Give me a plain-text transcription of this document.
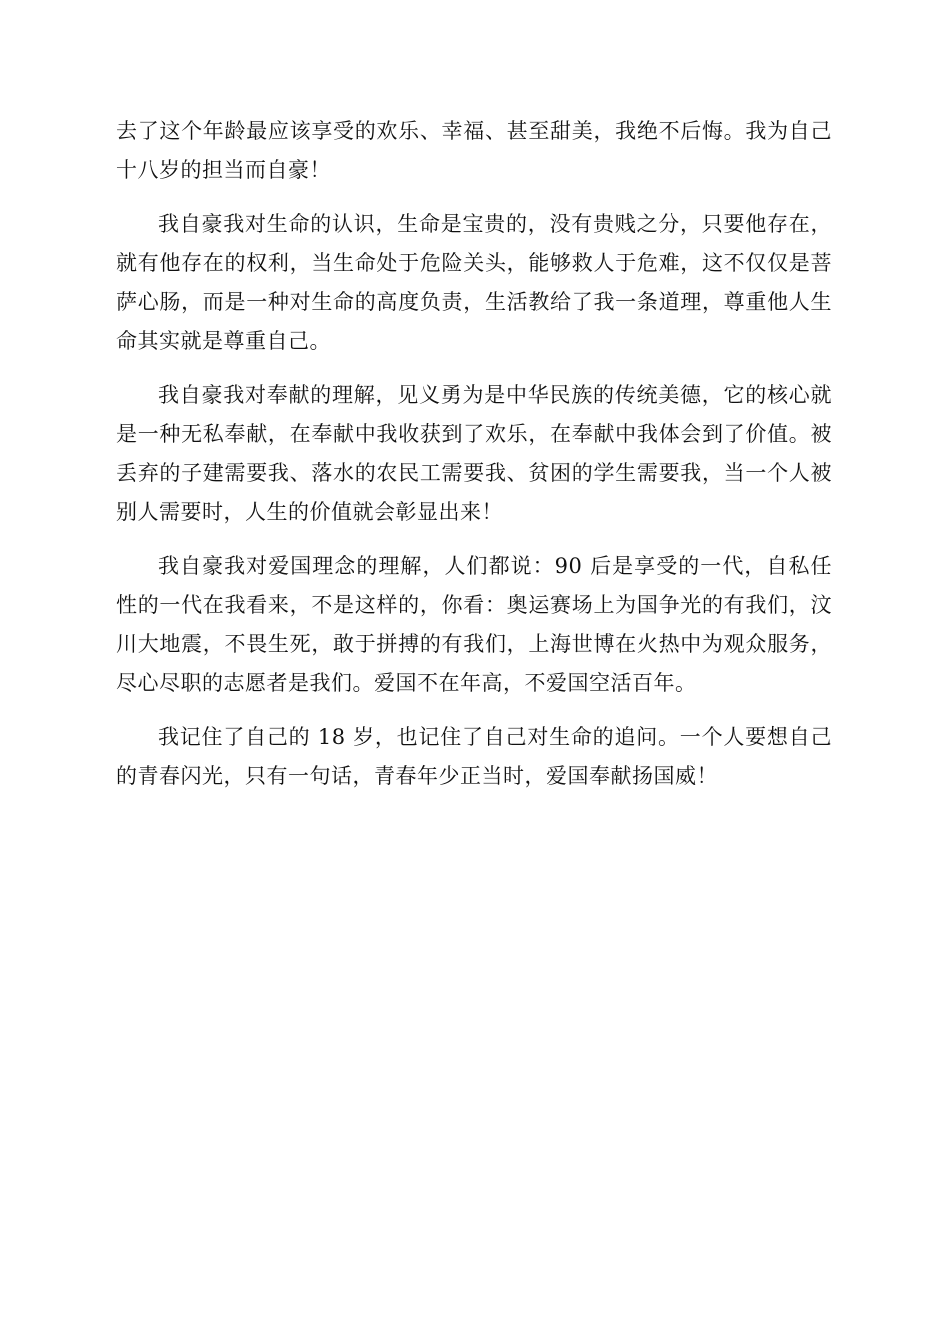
去了这个年龄最应该享受的欢乐、幸福、甚至甜美，我绝不后悔。我为自己十八岁的担当而自豪！

我自豪我对生命的认识，生命是宝贵的，没有贵贱之分，只要他存在，就有他存在的权利，当生命处于危险关头，能够救人于危难，这不仅仅是菩萨心肠，而是一种对生命的高度负责，生活教给了我一条道理，尊重他人生命其实就是尊重自己。

我自豪我对奉献的理解，见义勇为是中华民族的传统美德，它的核心就是一种无私奉献，在奉献中我收获到了欢乐，在奉献中我体会到了价值。被丢弃的子建需要我、落水的农民工需要我、贫困的学生需要我，当一个人被别人需要时，人生的价值就会彰显出来！

我自豪我对爱国理念的理解，人们都说：90 后是享受的一代，自私任性的一代在我看来，不是这样的，你看：奥运赛场上为国争光的有我们，汶川大地震，不畏生死，敢于拼搏的有我们，上海世博在火热中为观众服务，尽心尽职的志愿者是我们。爱国不在年高，不爱国空活百年。

我记住了自己的 18 岁，也记住了自己对生命的追问。一个人要想自己的青春闪光，只有一句话，青春年少正当时，爱国奉献扬国威！
